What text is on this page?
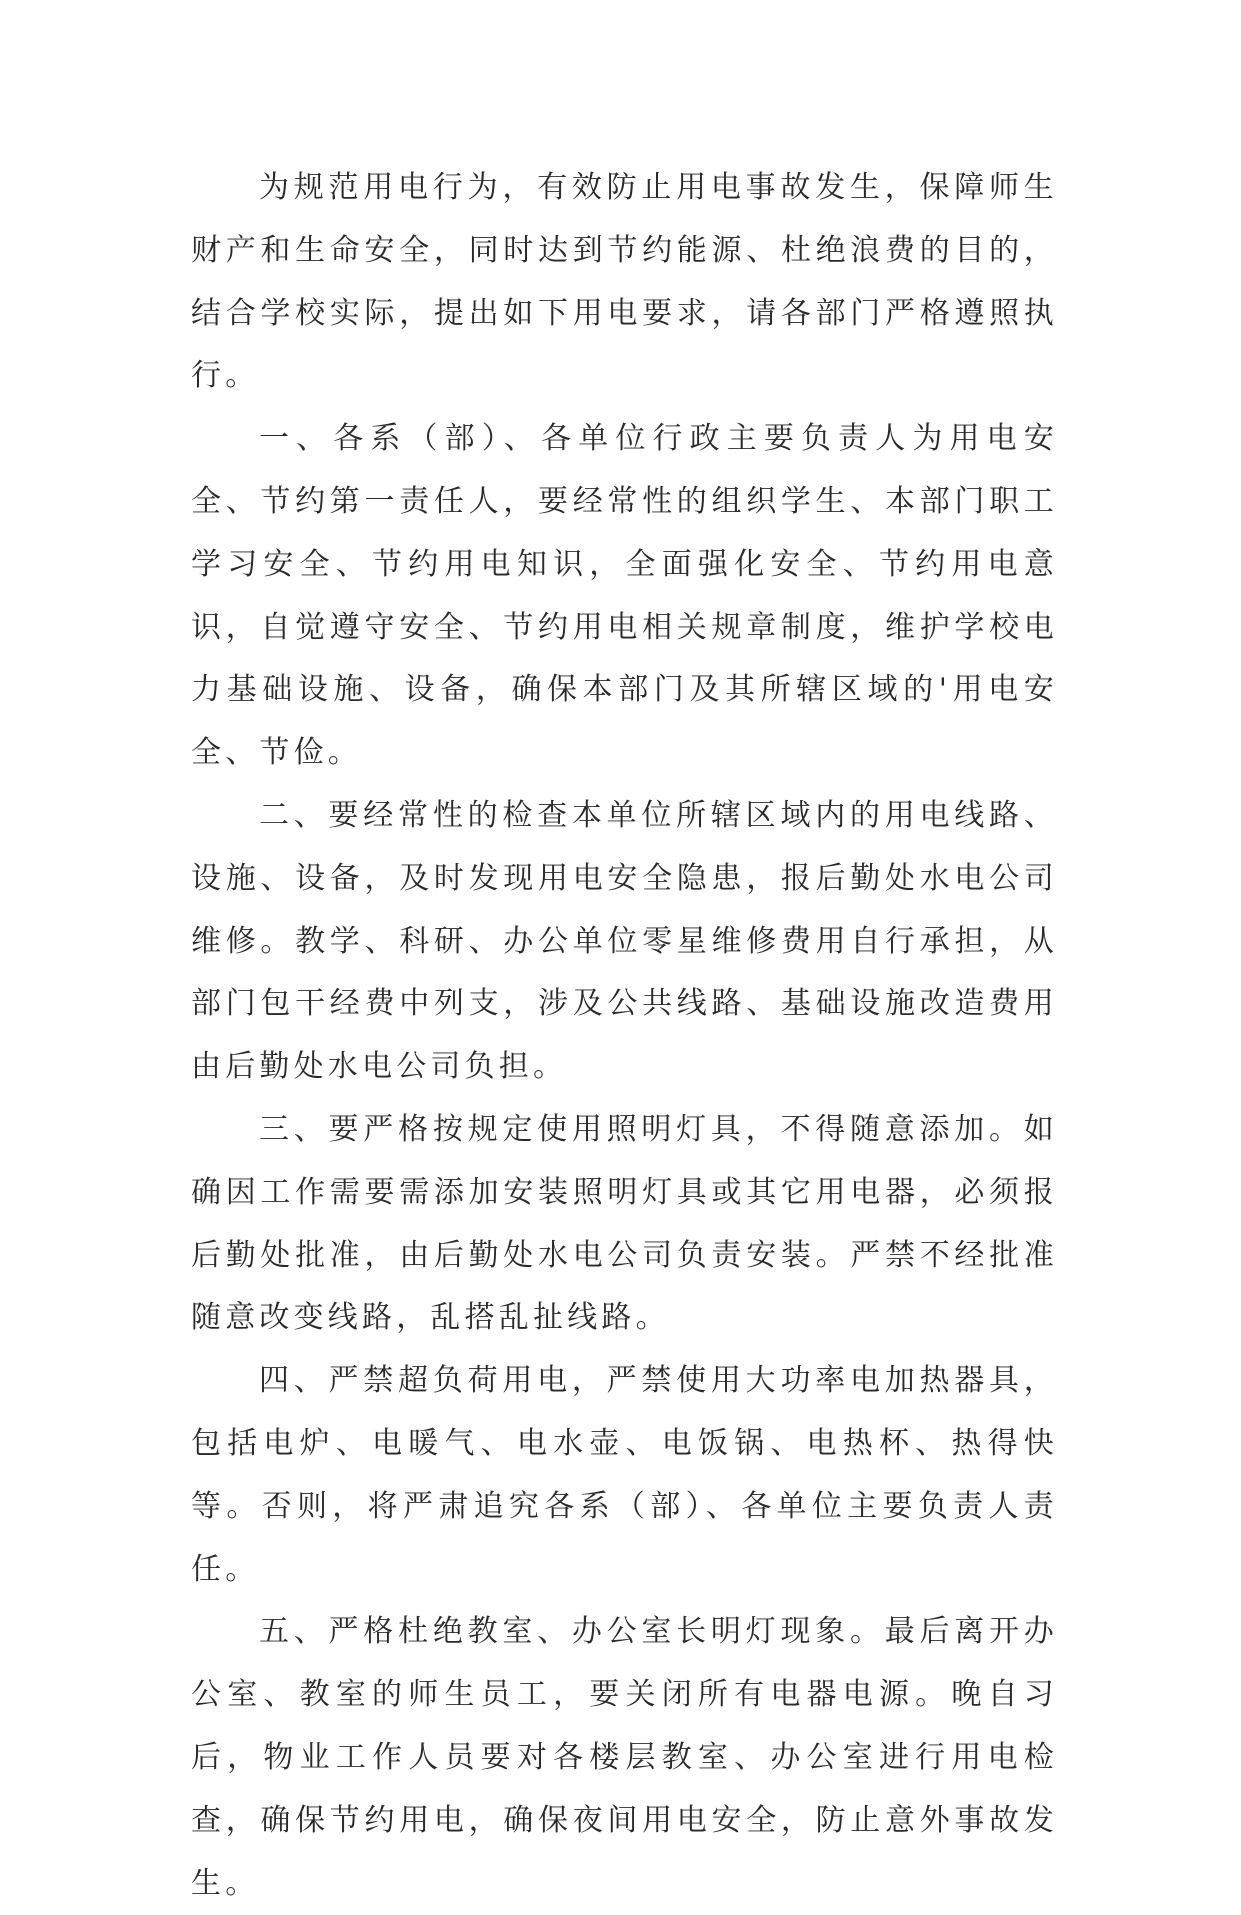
为规范用电行为，有效防止用电事故发生，保障师生财产和生命安全，同时达到节约能源、杜绝浪费的目的，结合学校实际，提出如下用电要求，请各部门严格遵照执行。

一、各系（部）、各单位行政主要负责人为用电安全、节约第一责任人，要经常性的组织学生、本部门职工学习安全、节约用电知识，全面强化安全、节约用电意识，自觉遵守安全、节约用电相关规章制度，维护学校电力基础设施、设备，确保本部门及其所辖区域的'用电安全、节俭。

二、要经常性的检查本单位所辖区域内的用电线路、设施、设备，及时发现用电安全隐患，报后勤处水电公司维修。教学、科研、办公单位零星维修费用自行承担，从部门包干经费中列支，涉及公共线路、基础设施改造费用由后勤处水电公司负担。

三、要严格按规定使用照明灯具，不得随意添加。如确因工作需要需添加安装照明灯具或其它用电器，必须报后勤处批准，由后勤处水电公司负责安装。严禁不经批准随意改变线路，乱搭乱扯线路。

四、严禁超负荷用电，严禁使用大功率电加热器具，包括电炉、电暖气、电水壶、电饭锅、电热杯、热得快等。否则，将严肃追究各系（部）、各单位主要负责人责任。

五、严格杜绝教室、办公室长明灯现象。最后离开办公室、教室的师生员工，要关闭所有电器电源。晚自习后，物业工作人员要对各楼层教室、办公室进行用电检查，确保节约用电，确保夜间用电安全，防止意外事故发生。
